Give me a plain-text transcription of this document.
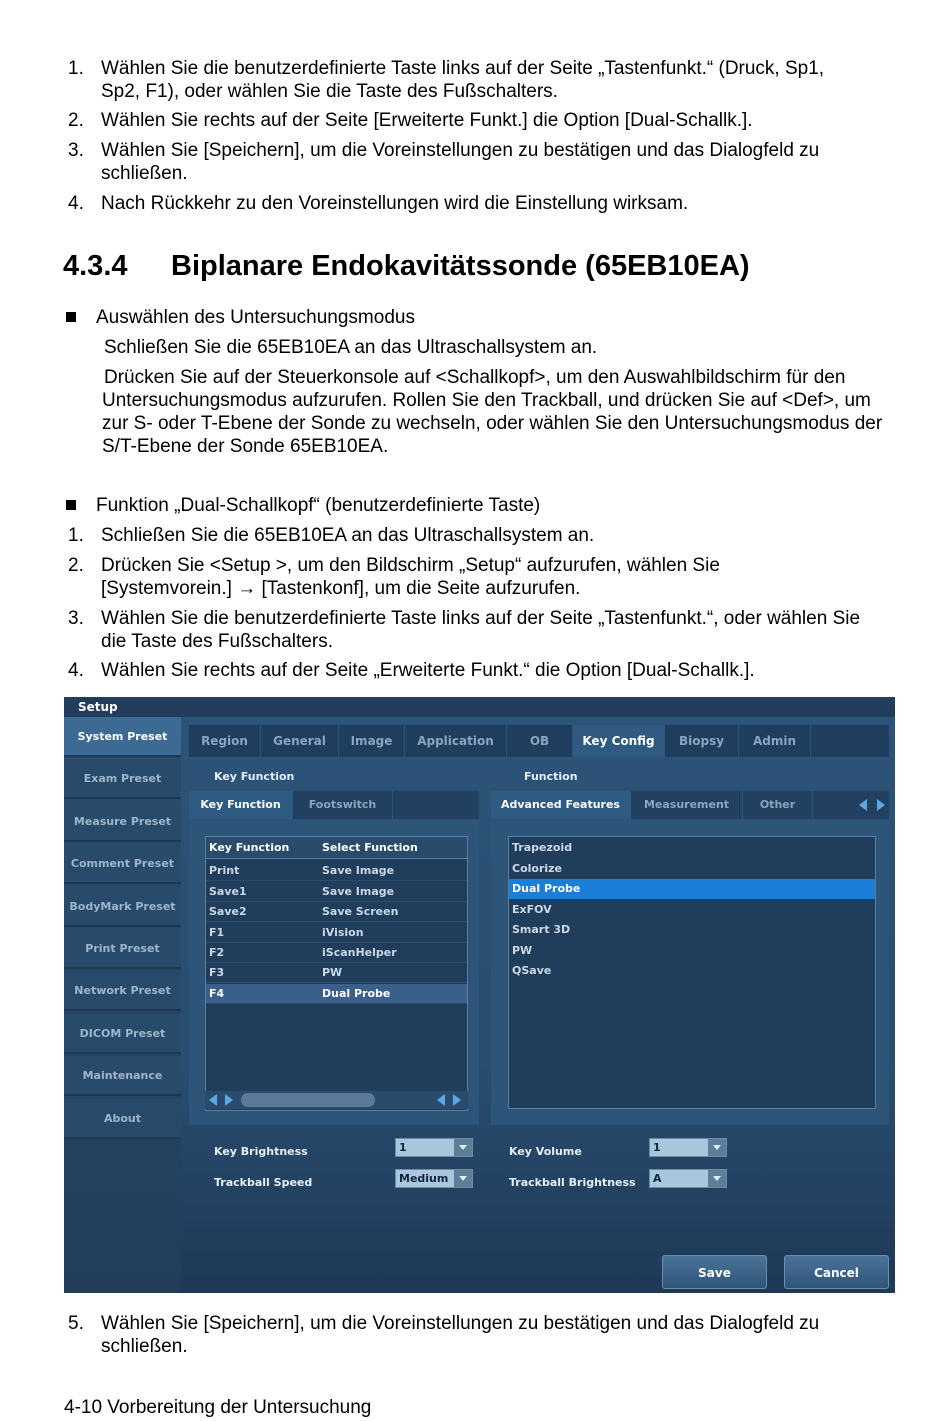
1. Wählen Sie die benutzerdefinierte Taste links auf der Seite „Tastenfunkt.“ (Druck, Sp1, Sp2, F1), oder wählen Sie die Taste des Fußschalters.
2. Wählen Sie rechts auf der Seite [Erweiterte Funkt.] die Option [Dual-Schallk.].
3. Wählen Sie [Speichern], um die Voreinstellungen zu bestätigen und das Dialogfeld zu schließen.
4. Nach Rückkehr zu den Voreinstellungen wird die Einstellung wirksam.
4.3.4 Biplanare Endokavitätssonde (65EB10EA)
Auswählen des Untersuchungsmodus
Schließen Sie die 65EB10EA an das Ultraschallsystem an.
Drücken Sie auf der Steuerkonsole auf <Schallkopf>, um den Auswahlbildschirm für den Untersuchungsmodus aufzurufen. Rollen Sie den Trackball, und drücken Sie auf <Def>, um zur S- oder T-Ebene der Sonde zu wechseln, oder wählen Sie den Untersuchungsmodus der S/T-Ebene der Sonde 65EB10EA.
Funktion „Dual-Schallkopf“ (benutzerdefinierte Taste)
1. Schließen Sie die 65EB10EA an das Ultraschallsystem an.
2. Drücken Sie <Setup >, um den Bildschirm „Setup“ aufzurufen, wählen Sie [Systemvorein.] → [Tastenkonf], um die Seite aufzurufen.
3. Wählen Sie die benutzerdefinierte Taste links auf der Seite „Tastenfunkt.“, oder wählen Sie die Taste des Fußschalters.
4. Wählen Sie rechts auf der Seite „Erweiterte Funkt.“ die Option [Dual-Schallk.].
Setup
System Preset
Exam Preset
Measure Preset
Comment Preset
BodyMark Preset
Print Preset
Network Preset
DICOM Preset
Maintenance
About
Region	General	Image	Application	OB	Key Config	Biopsy	Admin
Key Function	Function
Key Function	Footswitch
Key Function	Select Function
Print	Save Image
Save1	Save Image
Save2	Save Screen
F1	iVision
F2	iScanHelper
F3	PW
F4	Dual Probe
Advanced Features	Measurement	Other
Trapezoid
Colorize
Dual Probe
ExFOV
Smart 3D
PW
QSave
Key Brightness	1	Key Volume	1
Trackball Speed	Medium	Trackball Brightness	A
Save	Cancel
5. Wählen Sie [Speichern], um die Voreinstellungen zu bestätigen und das Dialogfeld zu schließen.
4-10 Vorbereitung der Untersuchung
